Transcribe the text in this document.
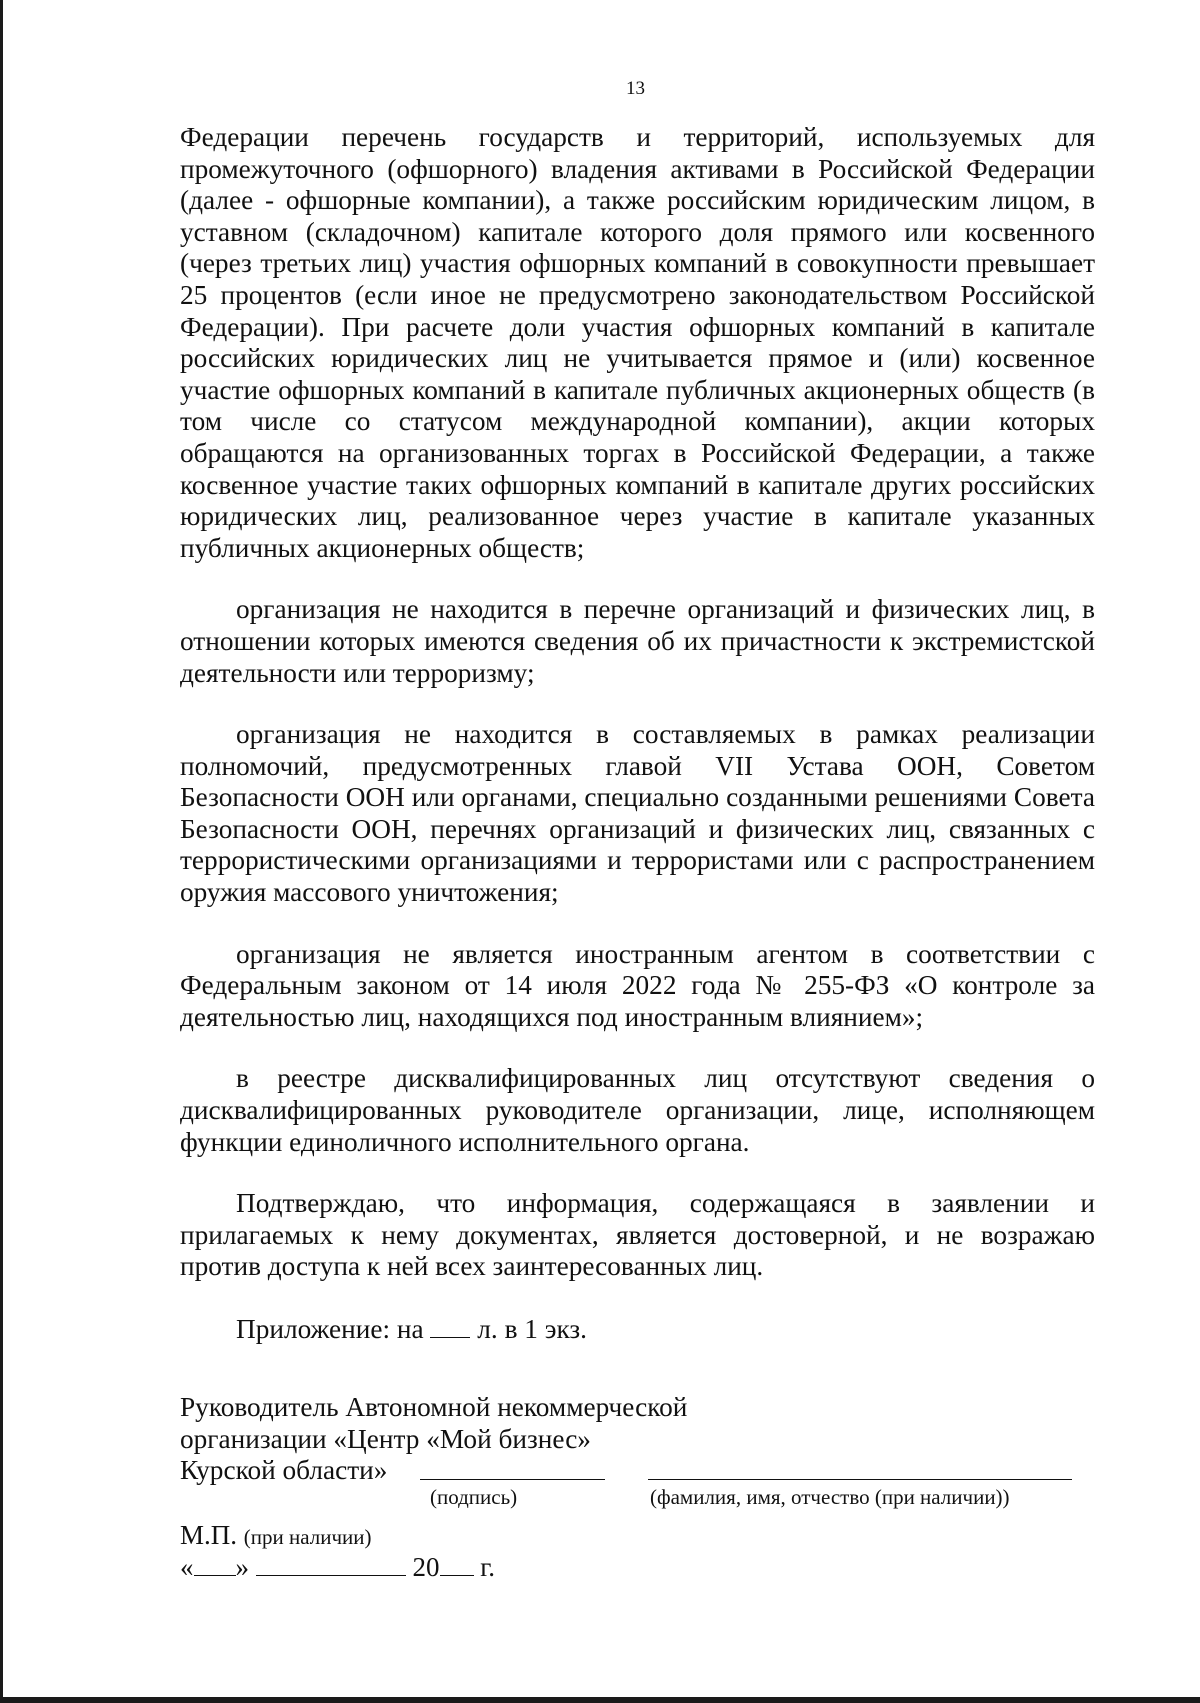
13

Федерации перечень государств и территорий, используемых для промежуточного (офшорного) владения активами в Российской Федерации (далее - офшорные компании), а также российским юридическим лицом, в уставном (складочном) капитале которого доля прямого или косвенного (через третьих лиц) участия офшорных компаний в совокупности превышает 25 процентов (если иное не предусмотрено законодательством Российской Федерации). При расчете доли участия офшорных компаний в капитале российских юридических лиц не учитывается прямое и (или) косвенное участие офшорных компаний в капитале публичных акционерных обществ (в том числе со статусом международной компании), акции которых обращаются на организованных торгах в Российской Федерации, а также косвенное участие таких офшорных компаний в капитале других российских юридических лиц, реализованное через участие в капитале указанных публичных акционерных обществ;

организация не находится в перечне организаций и физических лиц, в отношении которых имеются сведения об их причастности к экстремистской деятельности или терроризму;

организация не находится в составляемых в рамках реализации полномочий, предусмотренных главой VII Устава ООН, Советом Безопасности ООН или органами, специально созданными решениями Совета Безопасности ООН, перечнях организаций и физических лиц, связанных с террористическими организациями и террористами или с распространением оружия массового уничтожения;

организация не является иностранным агентом в соответствии с Федеральным законом от 14 июля 2022 года № 255-ФЗ «О контроле за деятельностью лиц, находящихся под иностранным влиянием»;

в реестре дисквалифицированных лиц отсутствуют сведения о дисквалифицированных руководителе организации, лице, исполняющем функции единоличного исполнительного органа.

Подтверждаю, что информация, содержащаяся в заявлении и прилагаемых к нему документах, является достоверной, и не возражаю против доступа к ней всех заинтересованных лиц.

Приложение: на л. в 1 экз.

Руководитель Автономной некоммерческой
организации «Центр «Мой бизнес»
Курской области»
(подпись)	(фамилия, имя, отчество (при наличии))
М.П. (при наличии)
« »	20 г.
